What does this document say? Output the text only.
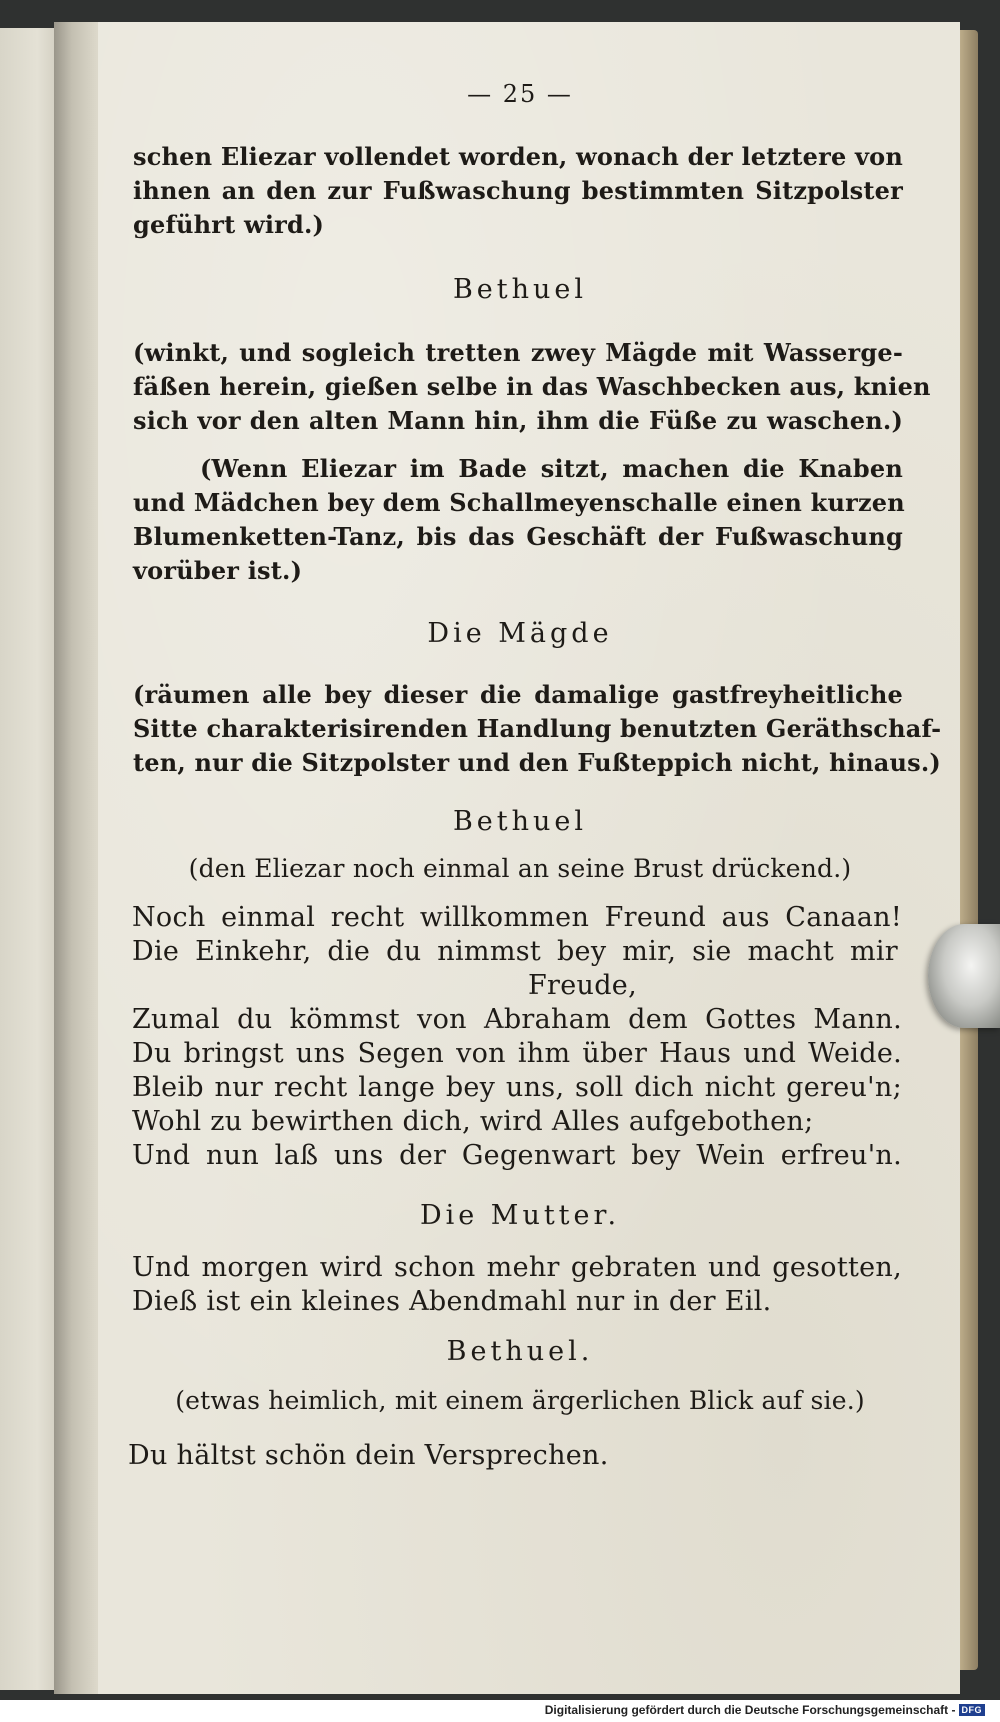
— 25 —
schen Eliezar vollendet worden, wonach der letztere von
ihnen an den zur Fußwaschung bestimmten Sitzpolster
geführt wird.)
Bethuel
(winkt, und sogleich tretten zwey Mägde mit Wasserge-
fäßen herein, gießen selbe in das Waschbecken aus, knien
sich vor den alten Mann hin, ihm die Füße zu waschen.)
(Wenn Eliezar im Bade sitzt, machen die Knaben
und Mädchen bey dem Schallmeyenschalle einen kurzen
Blumenketten-Tanz, bis das Geschäft der Fußwaschung
vorüber ist.)
Die Mägde
(räumen alle bey dieser die damalige gastfreyheitliche
Sitte charakterisirenden Handlung benutzten Geräthschaf-
ten, nur die Sitzpolster und den Fußteppich nicht, hinaus.)
Bethuel
(den Eliezar noch einmal an seine Brust drückend.)
Noch einmal recht willkommen Freund aus Canaan!
Die Einkehr, die du nimmst bey mir, sie macht mir
Freude,
Zumal du kömmst von Abraham dem Gottes Mann.
Du bringst uns Segen von ihm über Haus und Weide.
Bleib nur recht lange bey uns, soll dich nicht gereu'n;
Wohl zu bewirthen dich, wird Alles aufgebothen;
Und nun laß uns der Gegenwart bey Wein erfreu'n.
Die Mutter.
Und morgen wird schon mehr gebraten und gesotten,
Dieß ist ein kleines Abendmahl nur in der Eil.
Bethuel.
(etwas heimlich, mit einem ärgerlichen Blick auf sie.)
Du hältst schön dein Versprechen.
Digitalisierung gefördert durch die Deutsche Forschungsgemeinschaft - DFG
